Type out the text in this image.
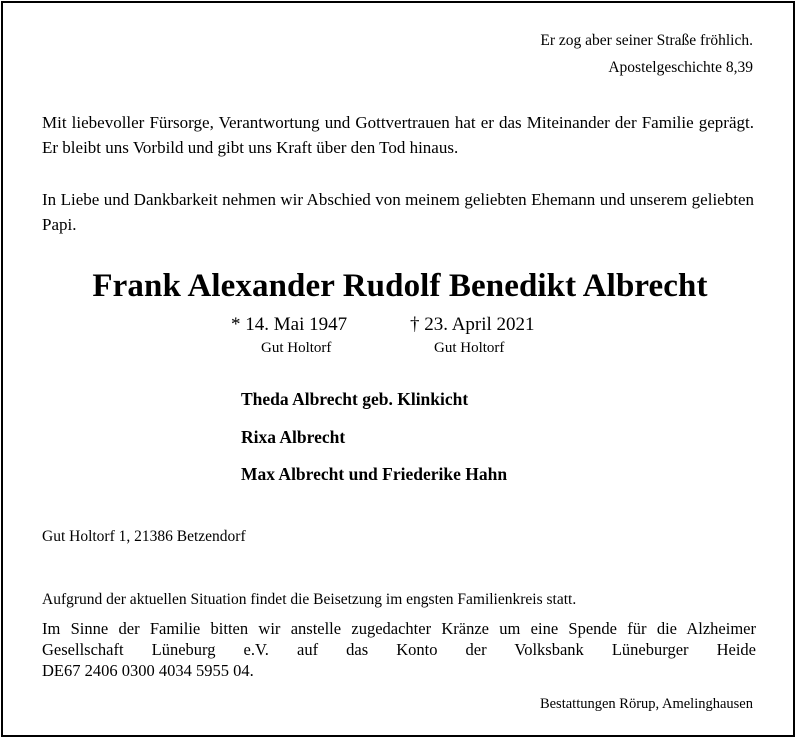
Er zog aber seiner Straße fröhlich.
Apostelgeschichte 8,39
Mit liebevoller Fürsorge, Verantwortung und Gottvertrauen hat er das Miteinander der Familie geprägt. Er bleibt uns Vorbild und gibt uns Kraft über den Tod hinaus.
In Liebe und Dankbarkeit nehmen wir Abschied von meinem geliebten Ehemann und unserem geliebten Papi.
Frank Alexander Rudolf Benedikt Albrecht
* 14. Mai 1947
Gut Holtorf
† 23. April 2021
Gut Holtorf
Theda Albrecht geb. Klinkicht
Rixa Albrecht
Max Albrecht und Friederike Hahn
Gut Holtorf 1, 21386 Betzendorf
Aufgrund der aktuellen Situation findet die Beisetzung im engsten Familienkreis statt.
Im Sinne der Familie bitten wir anstelle zugedachter Kränze um eine Spende für die Alzheimer
Gesellschaft Lüneburg e.V. auf das Konto der Volksbank Lüneburger Heide
DE67 2406 0300 4034 5955 04.
Bestattungen Rörup, Amelinghausen
